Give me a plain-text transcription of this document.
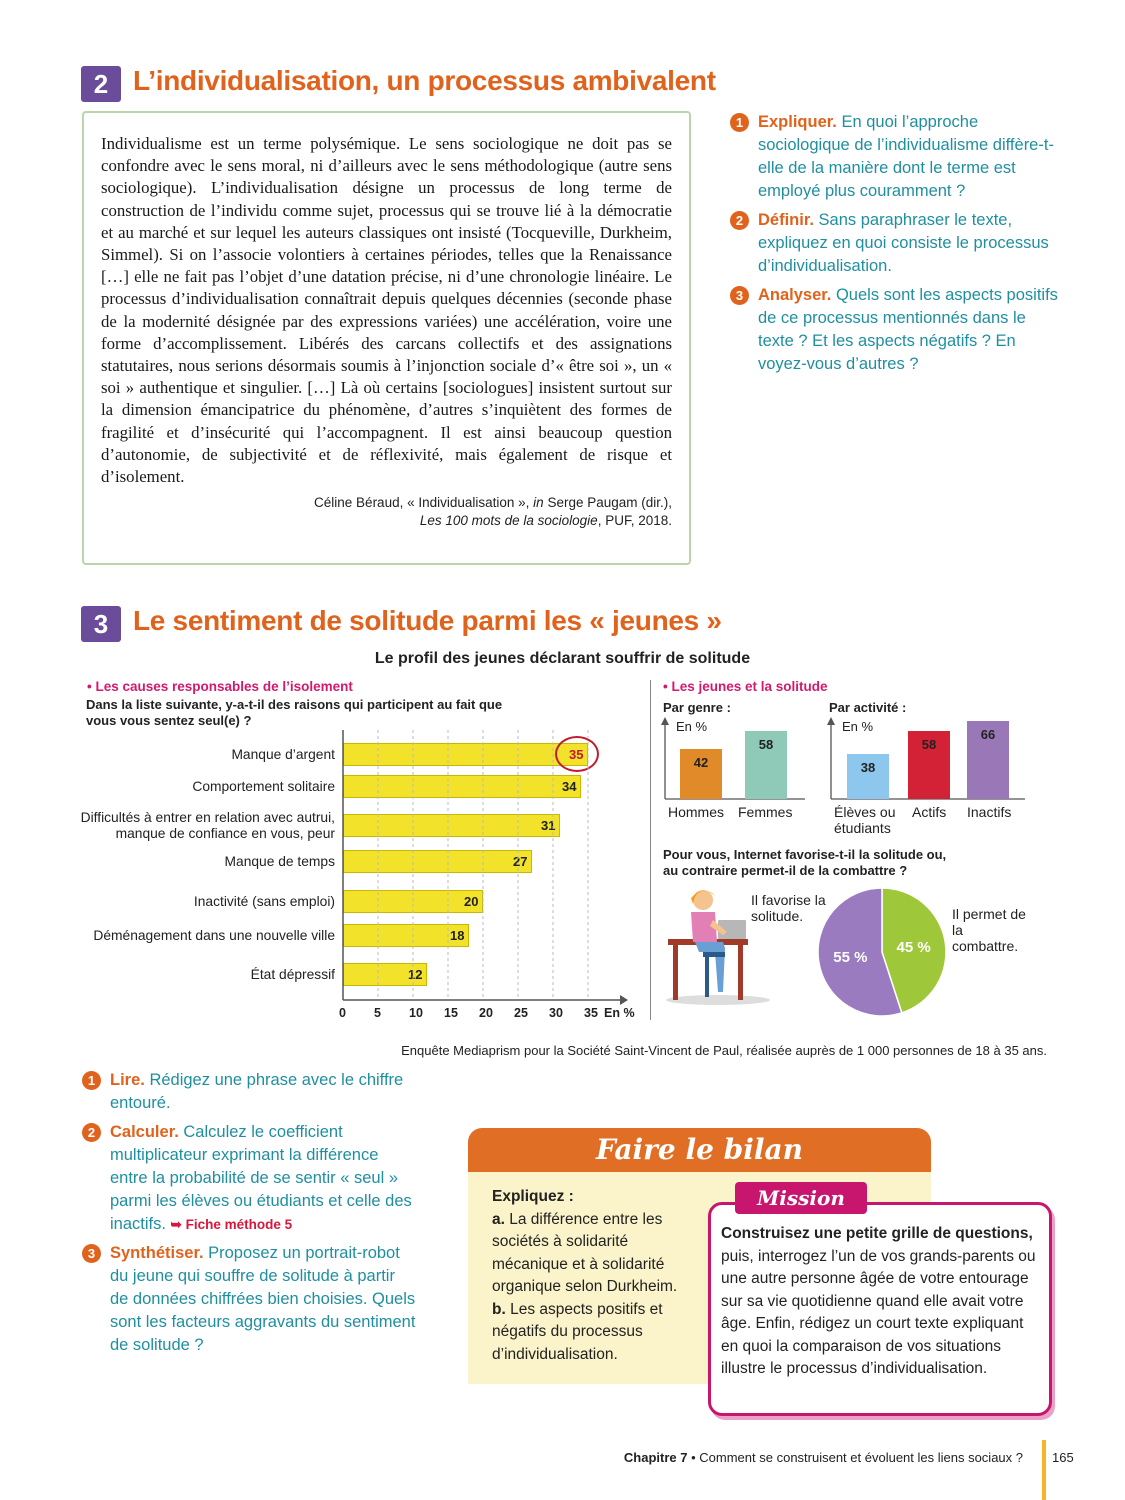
2 L’individualisation, un processus ambivalent

Individualisme est un terme polysémique. Le sens sociologique ne doit pas se confondre avec le sens moral, ni d’ailleurs avec le sens méthodologique (autre sens sociologique). L’individualisation désigne un processus de long terme de construction de l’individu comme sujet, processus qui se trouve lié à la démocratie et au marché et sur lequel les auteurs classiques ont insisté (Tocqueville, Durkheim, Simmel). Si on l’associe volontiers à certaines périodes, telles que la Renaissance […] elle ne fait pas l’objet d’une datation précise, ni d’une chronologie linéaire. Le processus d’individualisation connaîtrait depuis quelques décennies (seconde phase de la modernité désignée par des expressions variées) une accélération, voire une forme d’accomplissement. Libérés des carcans collectifs et des assignations statutaires, nous serions désormais soumis à l’injonction sociale d’« être soi », un « soi » authentique et singulier. […] Là où certains [sociologues] insistent surtout sur la dimension émancipatrice du phénomène, d’autres s’inquiètent des formes de fragilité et d’insécurité qui l’accompagnent. Il est ainsi beaucoup question d’autonomie, de subjectivité et de réflexivité, mais également de risque et d’isolement.

Céline Béraud, « Individualisation », in Serge Paugam (dir.),
Les 100 mots de la sociologie, PUF, 2018.
1 Expliquer. En quoi l’approche sociologique de l’individualisme diffère-t-elle de la manière dont le terme est employé plus couramment ?
2 Définir. Sans paraphraser le texte, expliquez en quoi consiste le processus d’individualisation.
3 Analyser. Quels sont les aspects positifs de ce processus mentionnés dans le texte ? Et les aspects négatifs ? En voyez-vous d’autres ?
3 Le sentiment de solitude parmi les « jeunes »
Le profil des jeunes déclarant souffrir de solitude
• Les causes responsables de l’isolement
Dans la liste suivante, y-a-t-il des raisons qui participent au fait que vous vous sentez seul(e) ?
Manque d’argent	35
Comportement solitaire	34
Difficultés à entrer en relation avec autrui,
manque de confiance en vous, peur
31
Manque de temps	27
Inactivité (sans emploi)	20
Déménagement dans une nouvelle ville	18
État dépressif	12
0 5 10 15 20 25 30 35 En %
• Les jeunes et la solitude
Par genre :	Par activité :
En %	En %
42
Hommes
58
Femmes
38
Élèves ou
étudiants
58
Actifs
66
Inactifs
Pour vous, Internet favorise-t-il la solitude ou, au contraire permet-il de la combattre ?
Il favorise la solitude.	Il permet de la combattre.
55 %
45 %
Enquête Mediaprism pour la Société Saint-Vincent de Paul, réalisée auprès de 1 000 personnes de 18 à 35 ans.
1 Lire. Rédigez une phrase avec le chiffre entouré.
2 Calculer. Calculez le coefficient multiplicateur exprimant la différence entre la probabilité de se sentir « seul » parmi les élèves ou étudiants et celle des inactifs. ➥ Fiche méthode 5
3 Synthétiser. Proposez un portrait-robot du jeune qui souffre de solitude à partir de données chiffrées bien choisies. Quels sont les facteurs aggravants du sentiment de solitude ?
Faire le bilan
Expliquez :
a. La différence entre les sociétés à solidarité mécanique et à solidarité organique selon Durkheim.
b. Les aspects positifs et négatifs du processus d’individualisation.

Construisez une petite grille de questions, puis, interrogez l’un de vos grands-parents ou une autre personne âgée de votre entourage sur sa vie quotidienne quand elle avait votre âge. Enfin, rédigez un court texte expliquant en quoi la comparaison de vos situations illustre le processus d’individualisation.

Mission
Chapitre 7 • Comment se construisent et évoluent les liens sociaux ? 165
